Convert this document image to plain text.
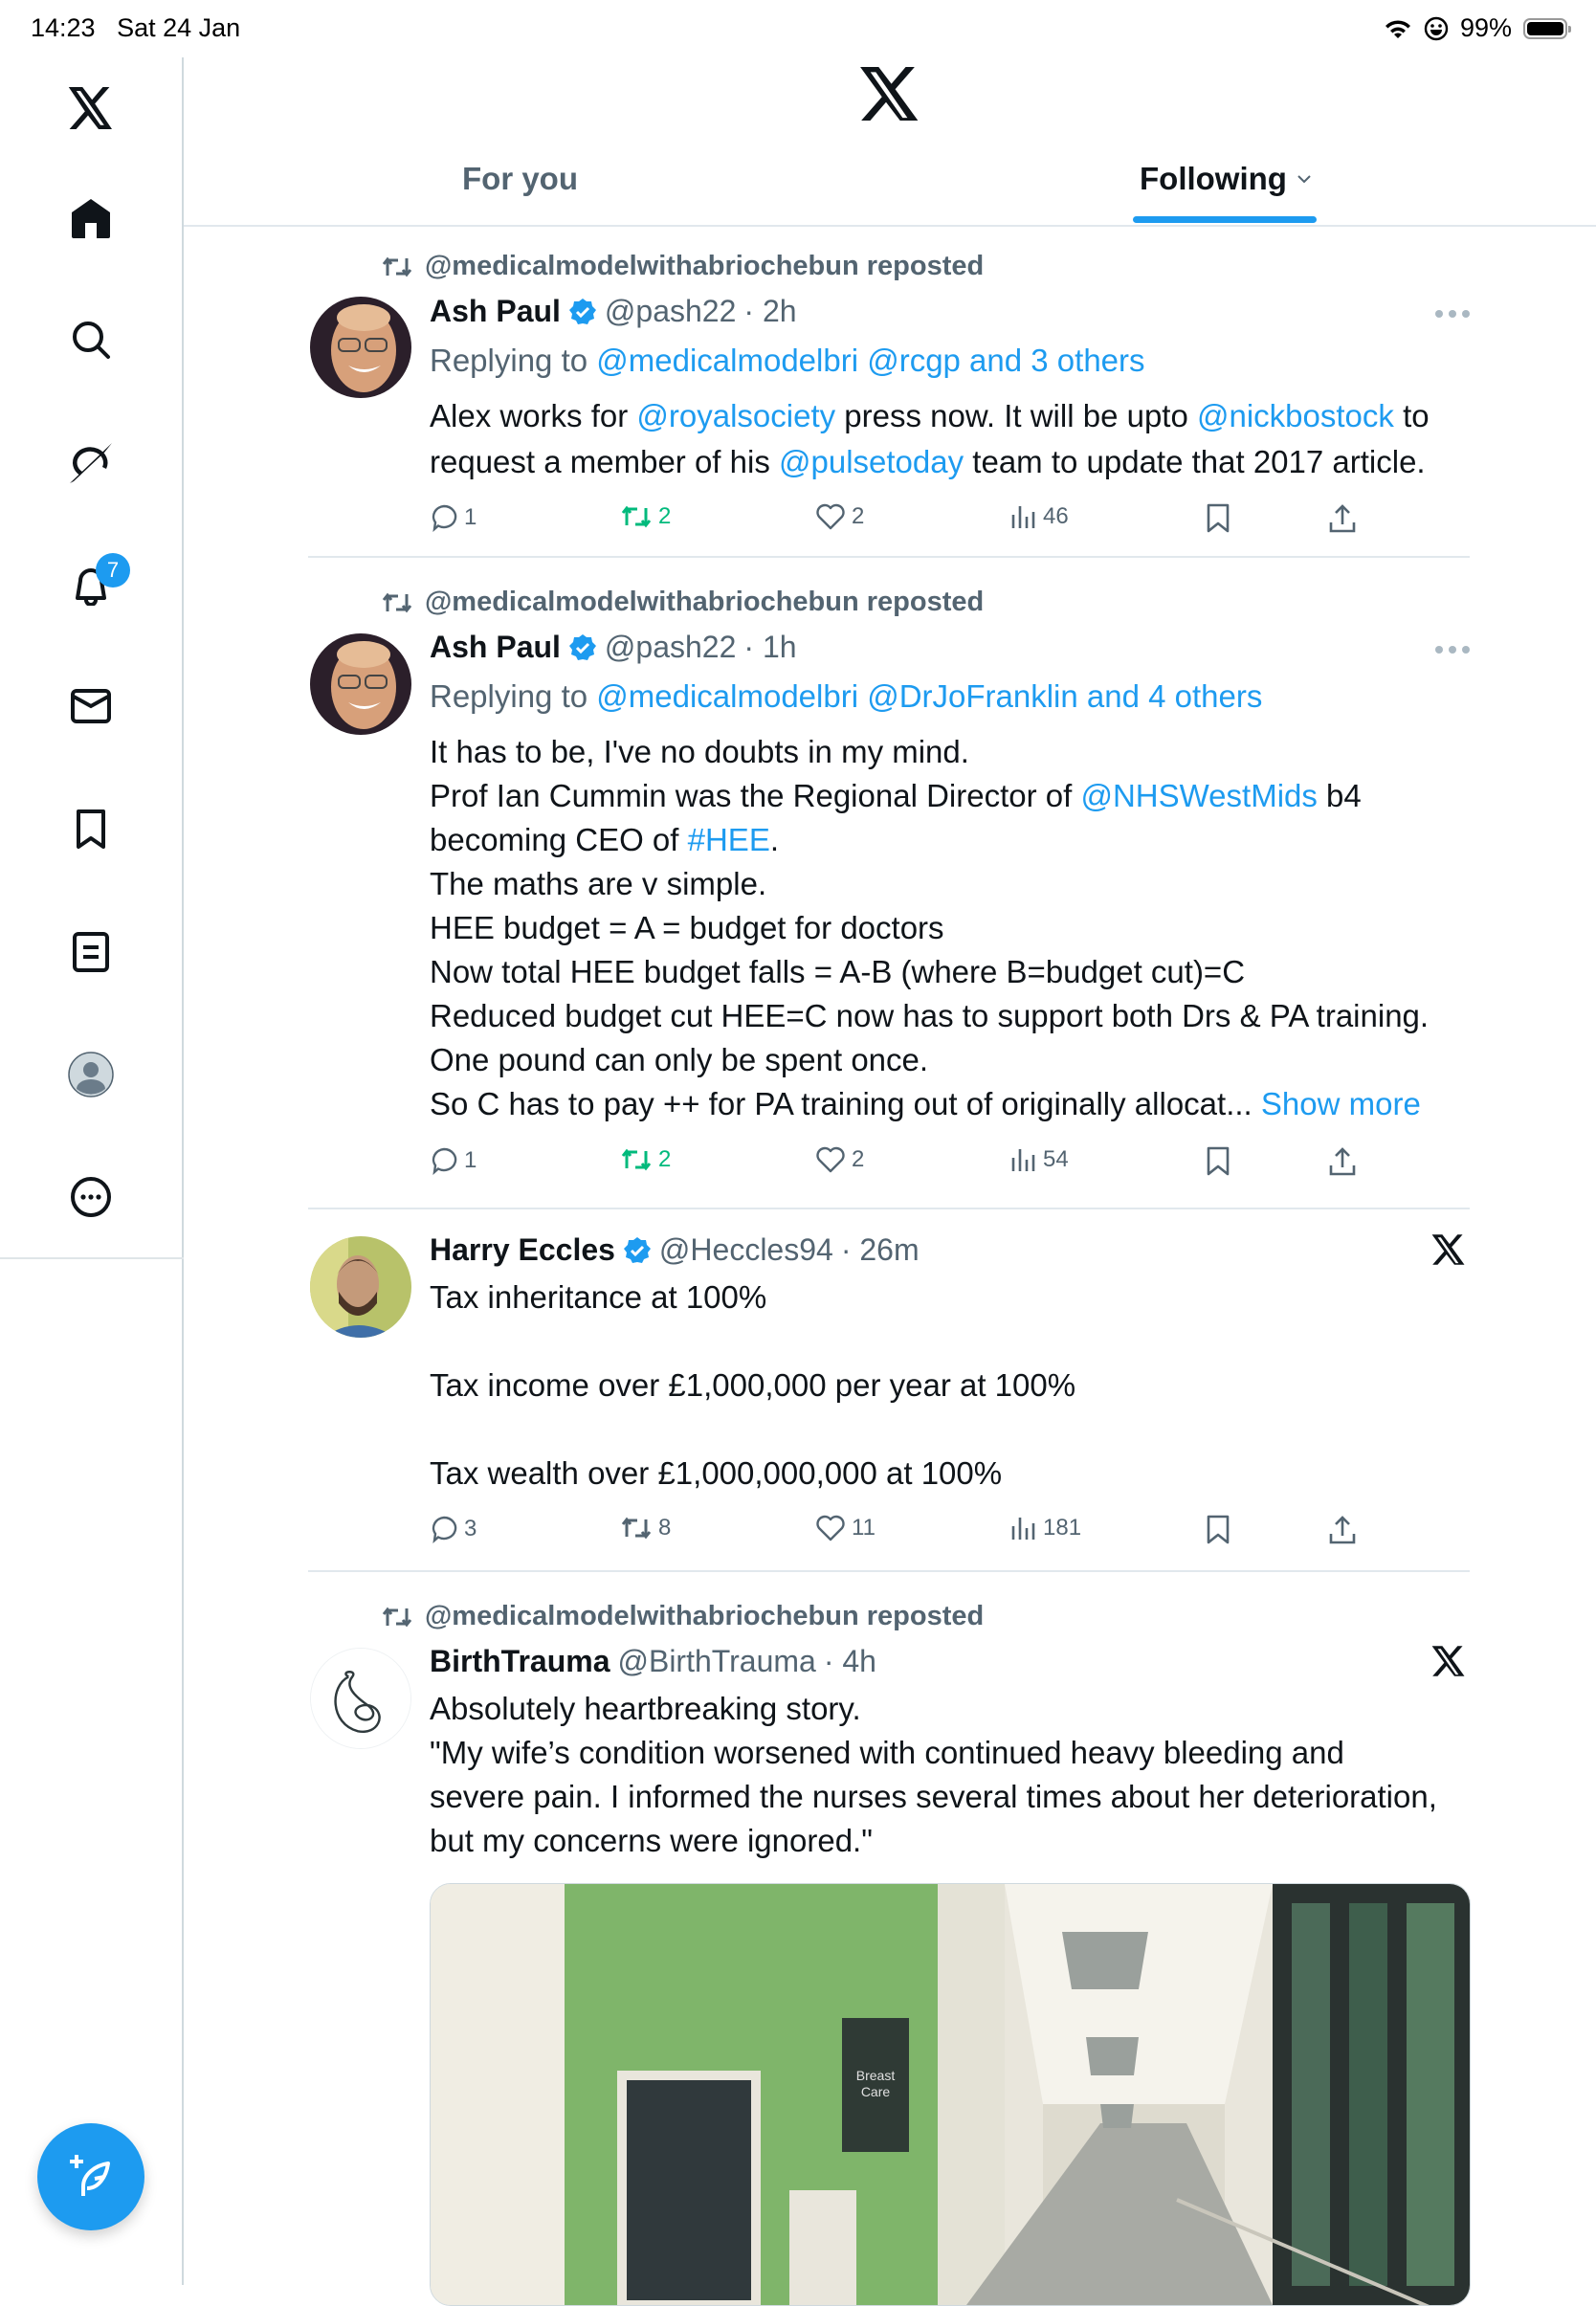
14:23 Sat 24 Jan	99%
7
For you	Following
@medicalmodelwithabriochebun reposted
Ash Paul @pash22 · 2h
Replying to @medicalmodelbri @rcgp and 3 others
Alex works for @royalsociety press now. It will be upto @nickbostock to
request a member of his @pulsetoday team to update that 2017 article.
1	2	2	46
@medicalmodelwithabriochebun reposted
Ash Paul @pash22 · 1h
Replying to @medicalmodelbri @DrJoFranklin and 4 others
It has to be, I've no doubts in my mind.
Prof Ian Cummin was the Regional Director of @NHSWestMids b4
becoming CEO of #HEE.
The maths are v simple.
HEE budget = A = budget for doctors
Now total HEE budget falls = A-B (where B=budget cut)=C
Reduced budget cut HEE=C now has to support both Drs & PA training.
One pound can only be spent once.
So C has to pay ++ for PA training out of originally allocat... Show more
1	2	2	54
Harry Eccles @Heccles94 · 26m
Tax inheritance at 100%
Tax income over £1,000,000 per year at 100%
Tax wealth over £1,000,000,000 at 100%
3	8	11	181
@medicalmodelwithabriochebun reposted
BirthTrauma @BirthTrauma · 4h
Absolutely heartbreaking story.
"My wife’s condition worsened with continued heavy bleeding and
severe pain. I informed the nurses several times about her deterioration,
but my concerns were ignored."
Breast
Care
